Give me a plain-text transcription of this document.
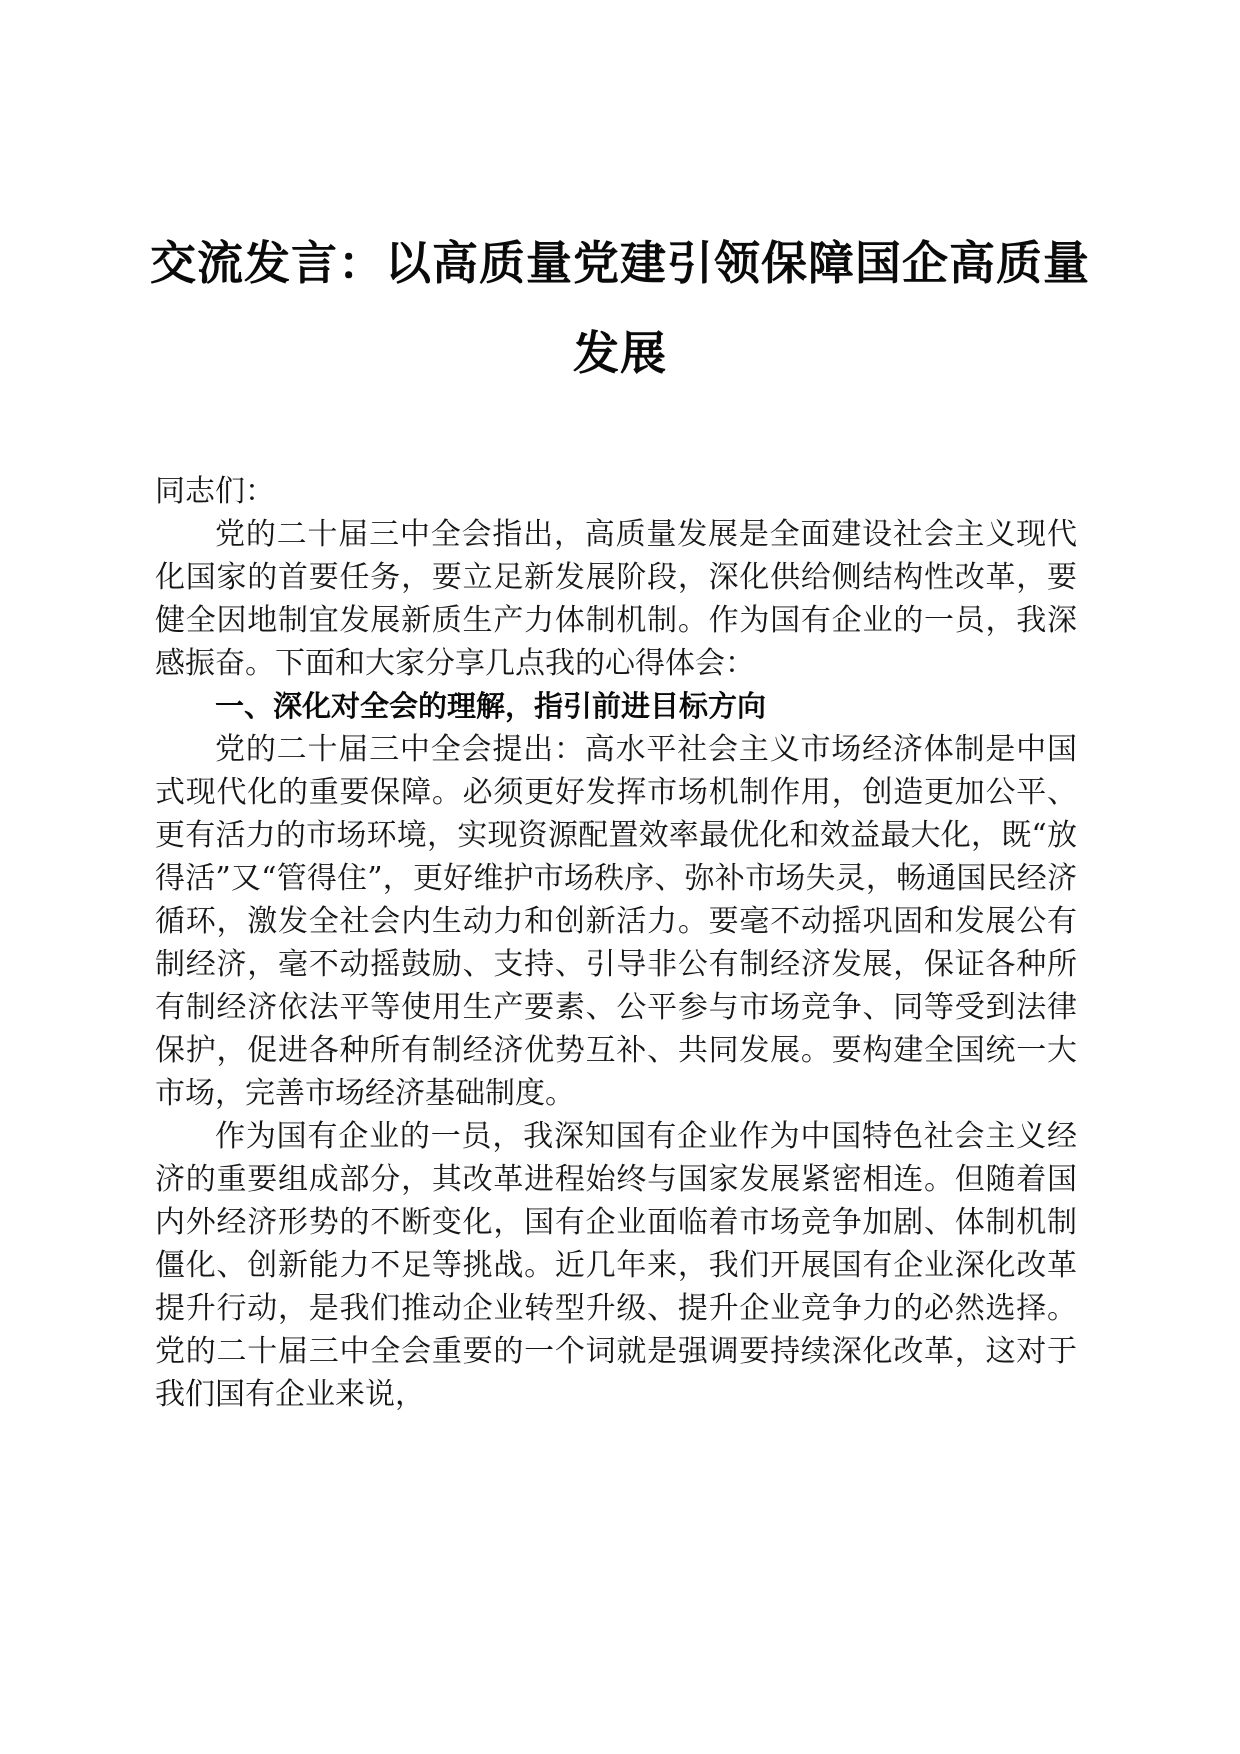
交流发言：以高质量党建引领保障国企高质量发展

同志们：

党的二十届三中全会指出，高质量发展是全面建设社会主义现代化国家的首要任务，要立足新发展阶段，深化供给侧结构性改革，要健全因地制宜发展新质生产力体制机制。作为国有企业的一员，我深感振奋。下面和大家分享几点我的心得体会：

一、深化对全会的理解，指引前进目标方向

党的二十届三中全会提出：高水平社会主义市场经济体制是中国式现代化的重要保障。必须更好发挥市场机制作用，创造更加公平、更有活力的市场环境，实现资源配置效率最优化和效益最大化，既“放得活”又“管得住”，更好维护市场秩序、弥补市场失灵，畅通国民经济循环，激发全社会内生动力和创新活力。要毫不动摇巩固和发展公有制经济，毫不动摇鼓励、支持、引导非公有制经济发展，保证各种所有制经济依法平等使用生产要素、公平参与市场竞争、同等受到法律保护，促进各种所有制经济优势互补、共同发展。要构建全国统一大市场，完善市场经济基础制度。

作为国有企业的一员，我深知国有企业作为中国特色社会主义经济的重要组成部分，其改革进程始终与国家发展紧密相连。但随着国内外经济形势的不断变化，国有企业面临着市场竞争加剧、体制机制僵化、创新能力不足等挑战。近几年来，我们开展国有企业深化改革提升行动，是我们推动企业转型升级、提升企业竞争力的必然选择。党的二十届三中全会重要的一个词就是强调要持续深化改革，这对于我们国有企业来说，
